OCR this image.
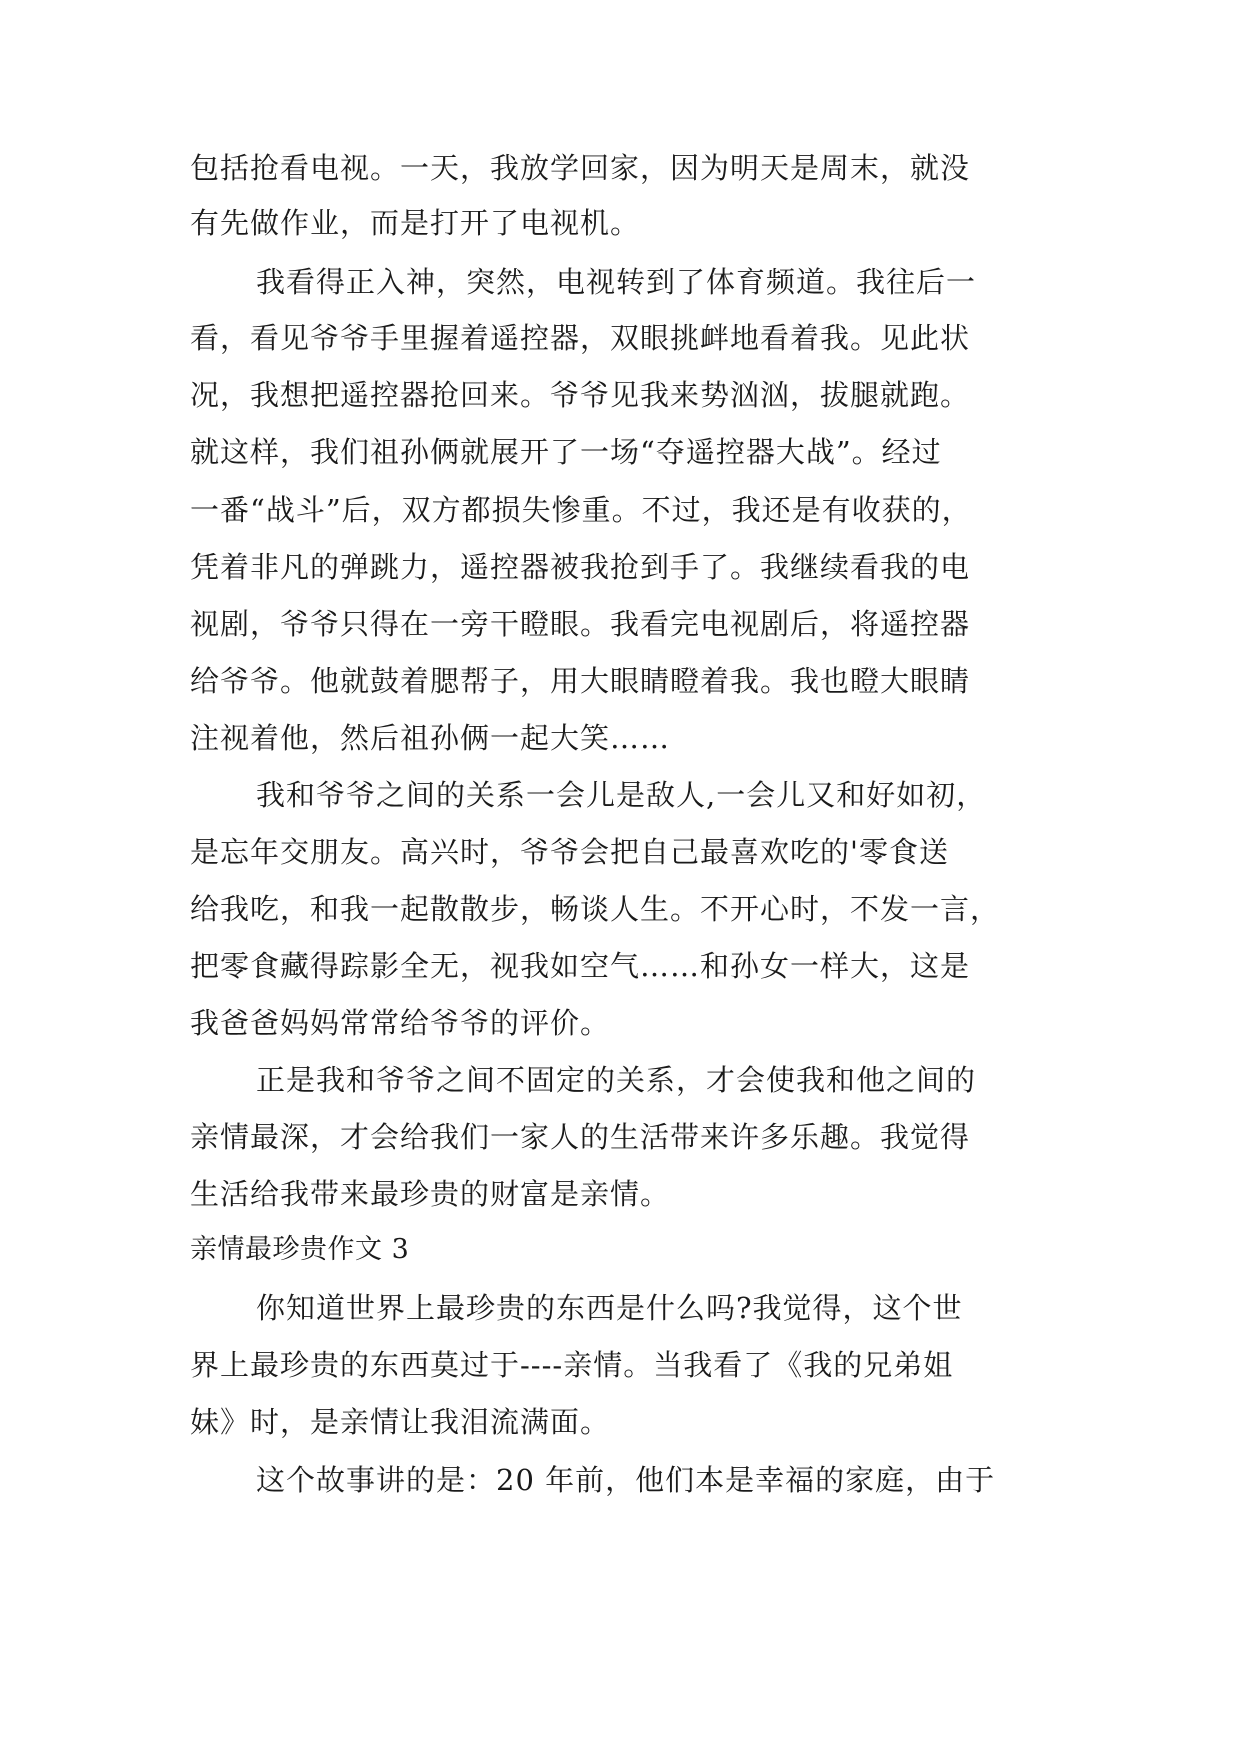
包括抢看电视。一天，我放学回家，因为明天是周末，就没
有先做作业，而是打开了电视机。
我看得正入神，突然，电视转到了体育频道。我往后一
看，看见爷爷手里握着遥控器，双眼挑衅地看着我。见此状
况，我想把遥控器抢回来。爷爷见我来势汹汹，拔腿就跑。
就这样，我们祖孙俩就展开了一场“夺遥控器大战”。经过
一番“战斗”后，双方都损失惨重。不过，我还是有收获的，
凭着非凡的弹跳力，遥控器被我抢到手了。我继续看我的电
视剧，爷爷只得在一旁干瞪眼。我看完电视剧后，将遥控器
给爷爷。他就鼓着腮帮子，用大眼睛瞪着我。我也瞪大眼睛
注视着他，然后祖孙俩一起大笑……
我和爷爷之间的关系一会儿是敌人,一会儿又和好如初，
是忘年交朋友。高兴时，爷爷会把自己最喜欢吃的'零食送
给我吃，和我一起散散步，畅谈人生。不开心时，不发一言，
把零食藏得踪影全无，视我如空气……和孙女一样大，这是
我爸爸妈妈常常给爷爷的评价。
正是我和爷爷之间不固定的关系，才会使我和他之间的
亲情最深，才会给我们一家人的生活带来许多乐趣。我觉得
生活给我带来最珍贵的财富是亲情。
亲情最珍贵作文 3
你知道世界上最珍贵的东西是什么吗?我觉得，这个世
界上最珍贵的东西莫过于----亲情。当我看了《我的兄弟姐
妹》时，是亲情让我泪流满面。
这个故事讲的是：20 年前，他们本是幸福的家庭，由于
